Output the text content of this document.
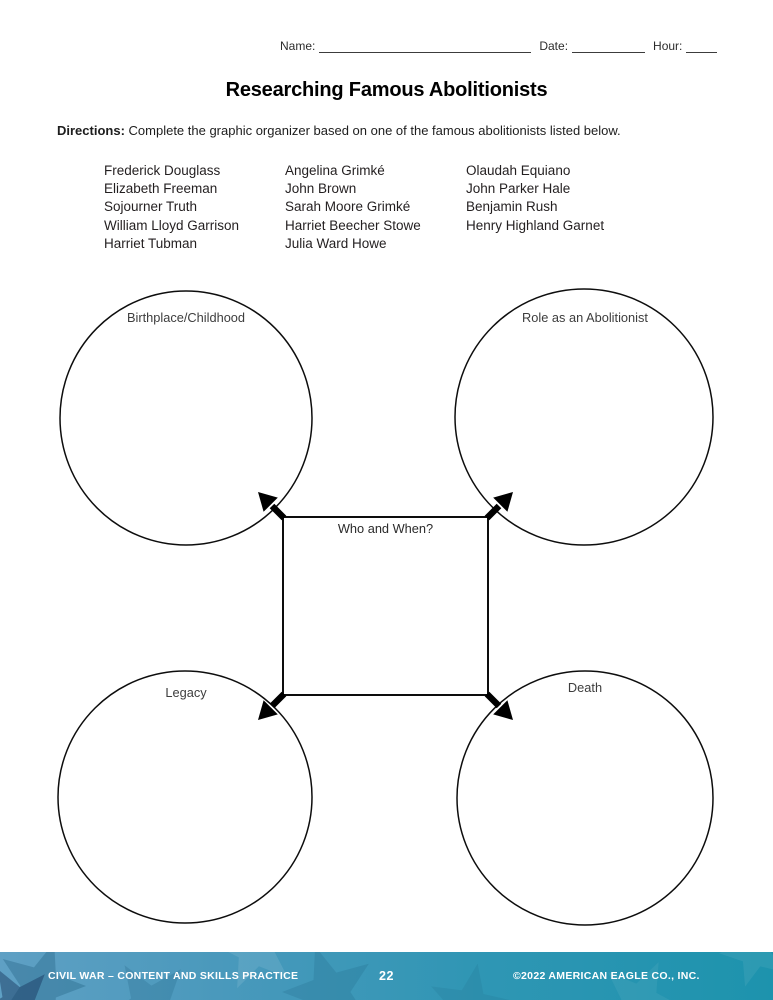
Name:	Date:	Hour:
Researching Famous Abolitionists

Directions: Complete the graphic organizer based on one of the famous abolitionists listed below.

Frederick Douglass
Elizabeth Freeman
Sojourner Truth
William Lloyd Garrison
Harriet Tubman
Angelina Grimké
John Brown
Sarah Moore Grimké
Harriet Beecher Stowe
Julia Ward Howe
Olaudah Equiano
John Parker Hale
Benjamin Rush
Henry Highland Garnet
Birthplace/Childhood	Role as an Abolitionist
Legacy	Death
Who and When?
CIVIL WAR – CONTENT AND SKILLS PRACTICE	22	©2022 AMERICAN EAGLE CO., INC.
